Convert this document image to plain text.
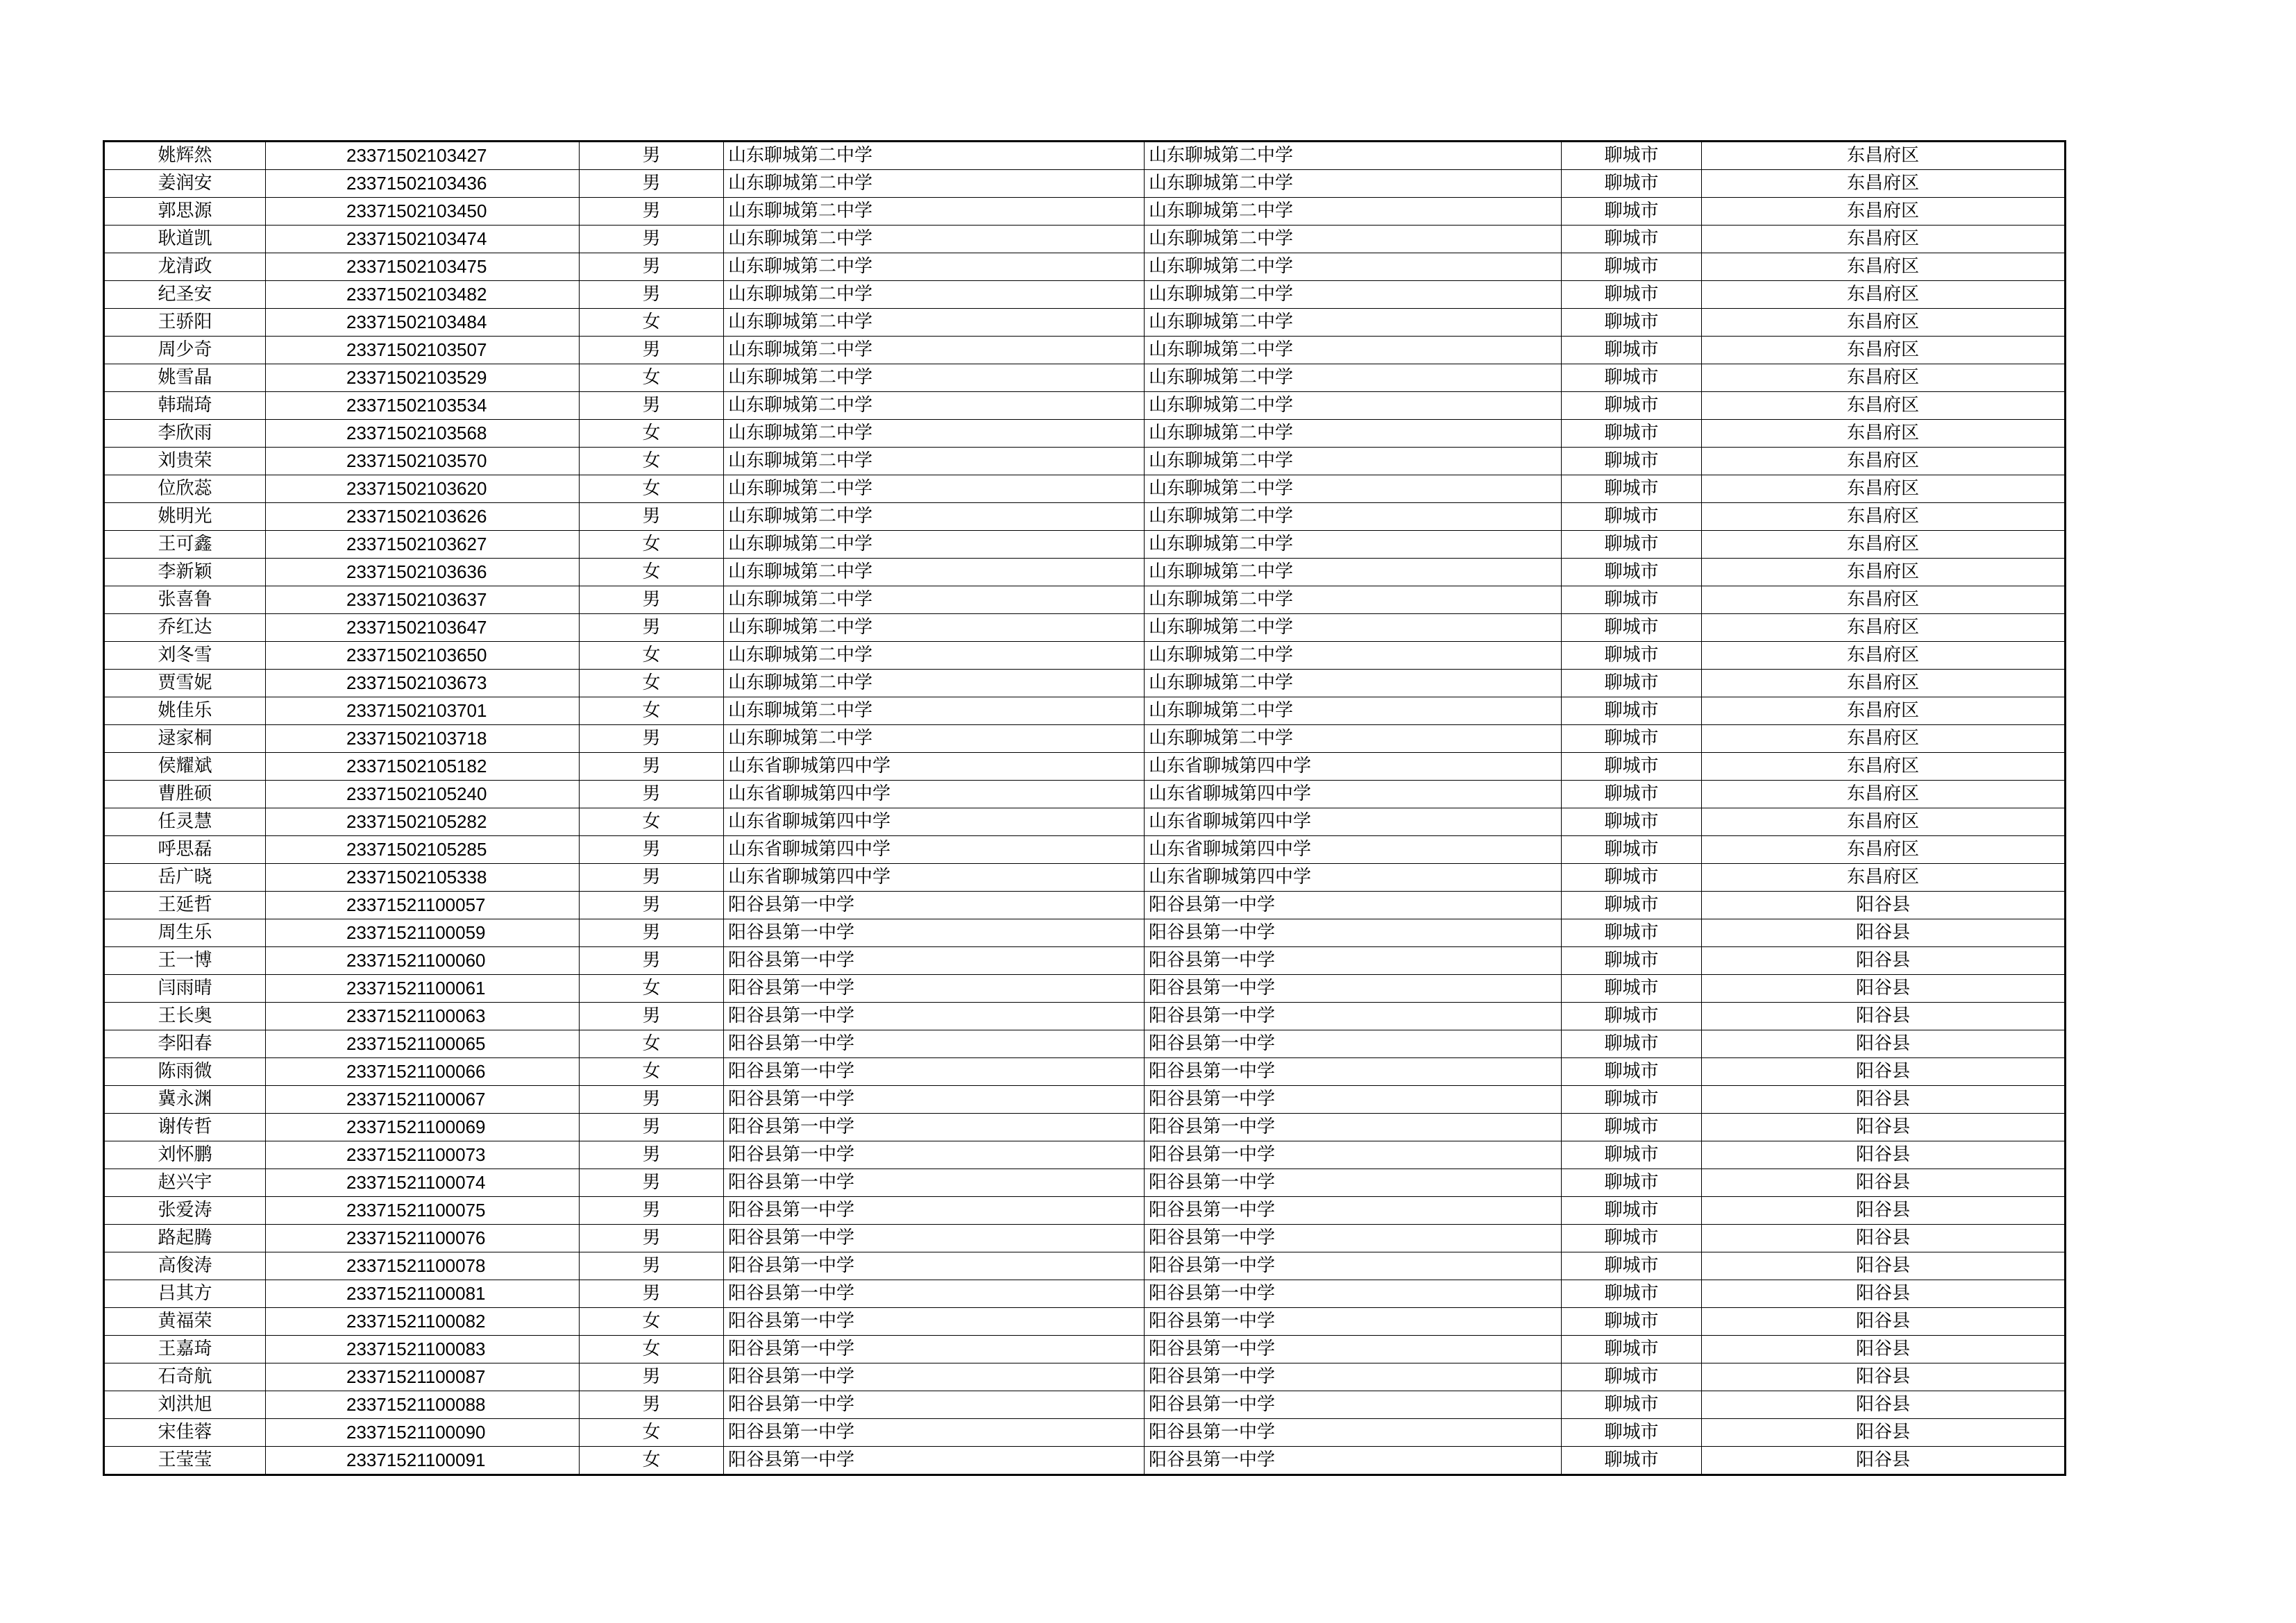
姚辉然	23371502103427	男	山东聊城第二中学	山东聊城第二中学	聊城市	东昌府区
姜润安	23371502103436	男	山东聊城第二中学	山东聊城第二中学	聊城市	东昌府区
郭思源	23371502103450	男	山东聊城第二中学	山东聊城第二中学	聊城市	东昌府区
耿道凯	23371502103474	男	山东聊城第二中学	山东聊城第二中学	聊城市	东昌府区
龙清政	23371502103475	男	山东聊城第二中学	山东聊城第二中学	聊城市	东昌府区
纪圣安	23371502103482	男	山东聊城第二中学	山东聊城第二中学	聊城市	东昌府区
王骄阳	23371502103484	女	山东聊城第二中学	山东聊城第二中学	聊城市	东昌府区
周少奇	23371502103507	男	山东聊城第二中学	山东聊城第二中学	聊城市	东昌府区
姚雪晶	23371502103529	女	山东聊城第二中学	山东聊城第二中学	聊城市	东昌府区
韩瑞琦	23371502103534	男	山东聊城第二中学	山东聊城第二中学	聊城市	东昌府区
李欣雨	23371502103568	女	山东聊城第二中学	山东聊城第二中学	聊城市	东昌府区
刘贵荣	23371502103570	女	山东聊城第二中学	山东聊城第二中学	聊城市	东昌府区
位欣蕊	23371502103620	女	山东聊城第二中学	山东聊城第二中学	聊城市	东昌府区
姚明光	23371502103626	男	山东聊城第二中学	山东聊城第二中学	聊城市	东昌府区
王可鑫	23371502103627	女	山东聊城第二中学	山东聊城第二中学	聊城市	东昌府区
李新颖	23371502103636	女	山东聊城第二中学	山东聊城第二中学	聊城市	东昌府区
张喜鲁	23371502103637	男	山东聊城第二中学	山东聊城第二中学	聊城市	东昌府区
乔红达	23371502103647	男	山东聊城第二中学	山东聊城第二中学	聊城市	东昌府区
刘冬雪	23371502103650	女	山东聊城第二中学	山东聊城第二中学	聊城市	东昌府区
贾雪妮	23371502103673	女	山东聊城第二中学	山东聊城第二中学	聊城市	东昌府区
姚佳乐	23371502103701	女	山东聊城第二中学	山东聊城第二中学	聊城市	东昌府区
逯家桐	23371502103718	男	山东聊城第二中学	山东聊城第二中学	聊城市	东昌府区
侯耀斌	23371502105182	男	山东省聊城第四中学	山东省聊城第四中学	聊城市	东昌府区
曹胜硕	23371502105240	男	山东省聊城第四中学	山东省聊城第四中学	聊城市	东昌府区
任灵慧	23371502105282	女	山东省聊城第四中学	山东省聊城第四中学	聊城市	东昌府区
呼思磊	23371502105285	男	山东省聊城第四中学	山东省聊城第四中学	聊城市	东昌府区
岳广晓	23371502105338	男	山东省聊城第四中学	山东省聊城第四中学	聊城市	东昌府区
王延哲	23371521100057	男	阳谷县第一中学	阳谷县第一中学	聊城市	阳谷县
周生乐	23371521100059	男	阳谷县第一中学	阳谷县第一中学	聊城市	阳谷县
王一博	23371521100060	男	阳谷县第一中学	阳谷县第一中学	聊城市	阳谷县
闫雨晴	23371521100061	女	阳谷县第一中学	阳谷县第一中学	聊城市	阳谷县
王长奥	23371521100063	男	阳谷县第一中学	阳谷县第一中学	聊城市	阳谷县
李阳春	23371521100065	女	阳谷县第一中学	阳谷县第一中学	聊城市	阳谷县
陈雨微	23371521100066	女	阳谷县第一中学	阳谷县第一中学	聊城市	阳谷县
冀永渊	23371521100067	男	阳谷县第一中学	阳谷县第一中学	聊城市	阳谷县
谢传哲	23371521100069	男	阳谷县第一中学	阳谷县第一中学	聊城市	阳谷县
刘怀鹏	23371521100073	男	阳谷县第一中学	阳谷县第一中学	聊城市	阳谷县
赵兴宇	23371521100074	男	阳谷县第一中学	阳谷县第一中学	聊城市	阳谷县
张爱涛	23371521100075	男	阳谷县第一中学	阳谷县第一中学	聊城市	阳谷县
路起腾	23371521100076	男	阳谷县第一中学	阳谷县第一中学	聊城市	阳谷县
高俊涛	23371521100078	男	阳谷县第一中学	阳谷县第一中学	聊城市	阳谷县
吕其方	23371521100081	男	阳谷县第一中学	阳谷县第一中学	聊城市	阳谷县
黄福荣	23371521100082	女	阳谷县第一中学	阳谷县第一中学	聊城市	阳谷县
王嘉琦	23371521100083	女	阳谷县第一中学	阳谷县第一中学	聊城市	阳谷县
石奇航	23371521100087	男	阳谷县第一中学	阳谷县第一中学	聊城市	阳谷县
刘洪旭	23371521100088	男	阳谷县第一中学	阳谷县第一中学	聊城市	阳谷县
宋佳蓉	23371521100090	女	阳谷县第一中学	阳谷县第一中学	聊城市	阳谷县
王莹莹	23371521100091	女	阳谷县第一中学	阳谷县第一中学	聊城市	阳谷县
